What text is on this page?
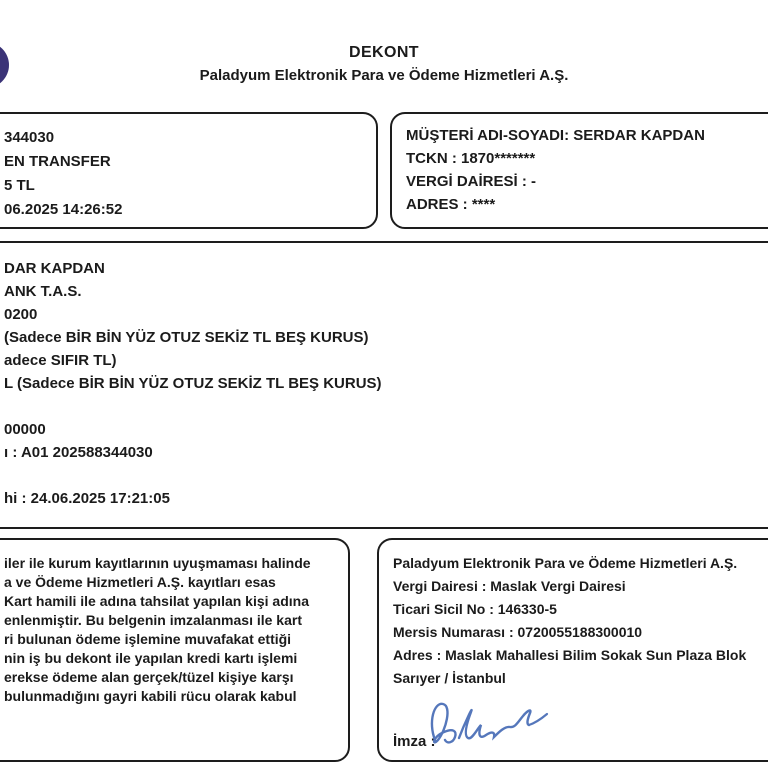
DEKONT
Paladyum Elektronik Para ve Ödeme Hizmetleri A.Ş.
344030
EN TRANSFER
5 TL
06.2025 14:26:52
MÜŞTERİ ADI-SOYADI: SERDAR KAPDAN
TCKN : 1870*******
VERGİ DAİRESİ : -
ADRES : ****
DAR KAPDAN
ANK T.A.S.
0200
(Sadece BİR BİN YÜZ OTUZ SEKİZ TL BEŞ KURUS)
adece SIFIR TL)
L (Sadece BİR BİN YÜZ OTUZ SEKİZ TL BEŞ KURUS)

00000
ı : A01 202588344030

hi : 24.06.2025 17:21:05
iler ile kurum kayıtlarının uyuşmaması halinde
a ve Ödeme Hizmetleri A.Ş. kayıtları esas
Kart hamili ile adına tahsilat yapılan kişi adına
enlenmiştir. Bu belgenin imzalanması ile kart
ri bulunan ödeme işlemine muvafakat ettiği
nin iş bu dekont ile yapılan kredi kartı işlemi
erekse ödeme alan gerçek/tüzel kişiye karşı
bulunmadığını gayri kabili rücu olarak kabul
Paladyum Elektronik Para ve Ödeme Hizmetleri A.Ş.
Vergi Dairesi : Maslak Vergi Dairesi
Ticari Sicil No : 146330-5
Mersis Numarası : 0720055188300010
Adres : Maslak Mahallesi Bilim Sokak Sun Plaza Blok
Sarıyer / İstanbul
İmza :
